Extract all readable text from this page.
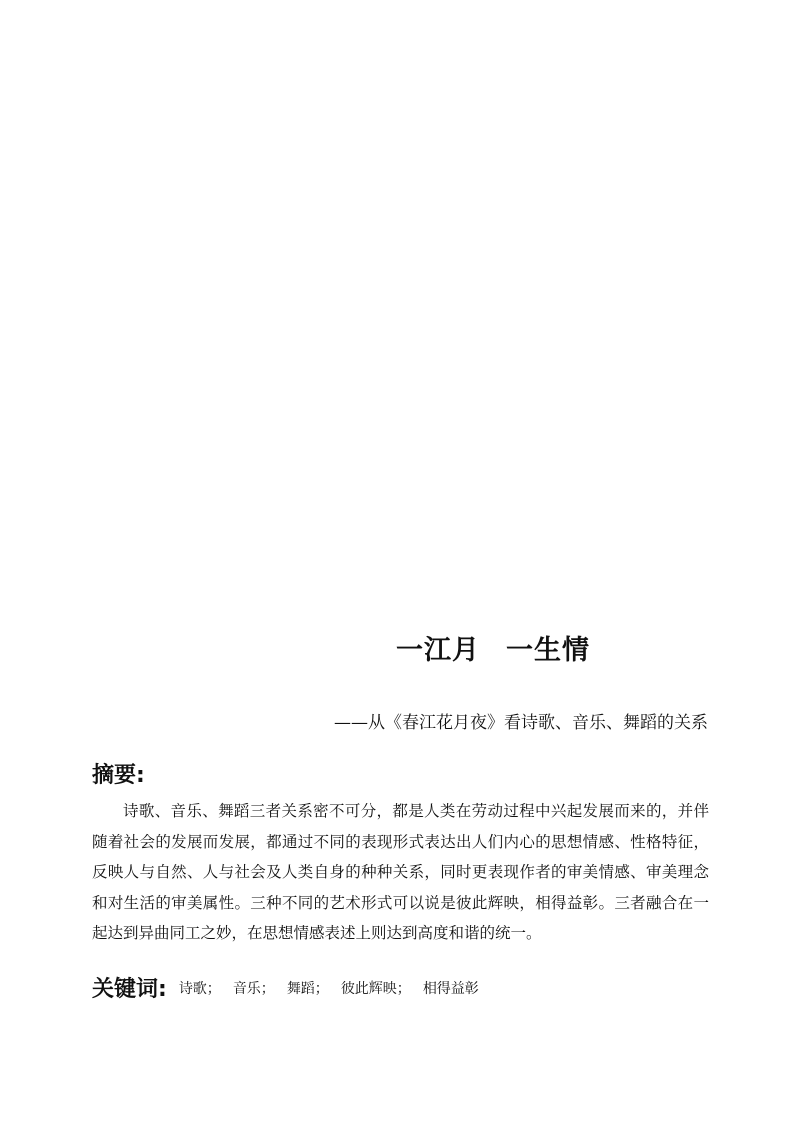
一江月 一生情
——从《春江花月夜》看诗歌、音乐、舞蹈的关系
摘要:
诗歌、音乐、舞蹈三者关系密不可分，都是人类在劳动过程中兴起发展而来的，并伴随着社会的发展而发展，都通过不同的表现形式表达出人们内心的思想情感、性格特征，反映人与自然、人与社会及人类自身的种种关系，同时更表现作者的审美情感、审美理念和对生活的审美属性。三种不同的艺术形式可以说是彼此辉映，相得益彰。三者融合在一起达到异曲同工之妙，在思想情感表述上则达到高度和谐的统一。
关键词: 诗歌； 音乐； 舞蹈； 彼此辉映； 相得益彰
